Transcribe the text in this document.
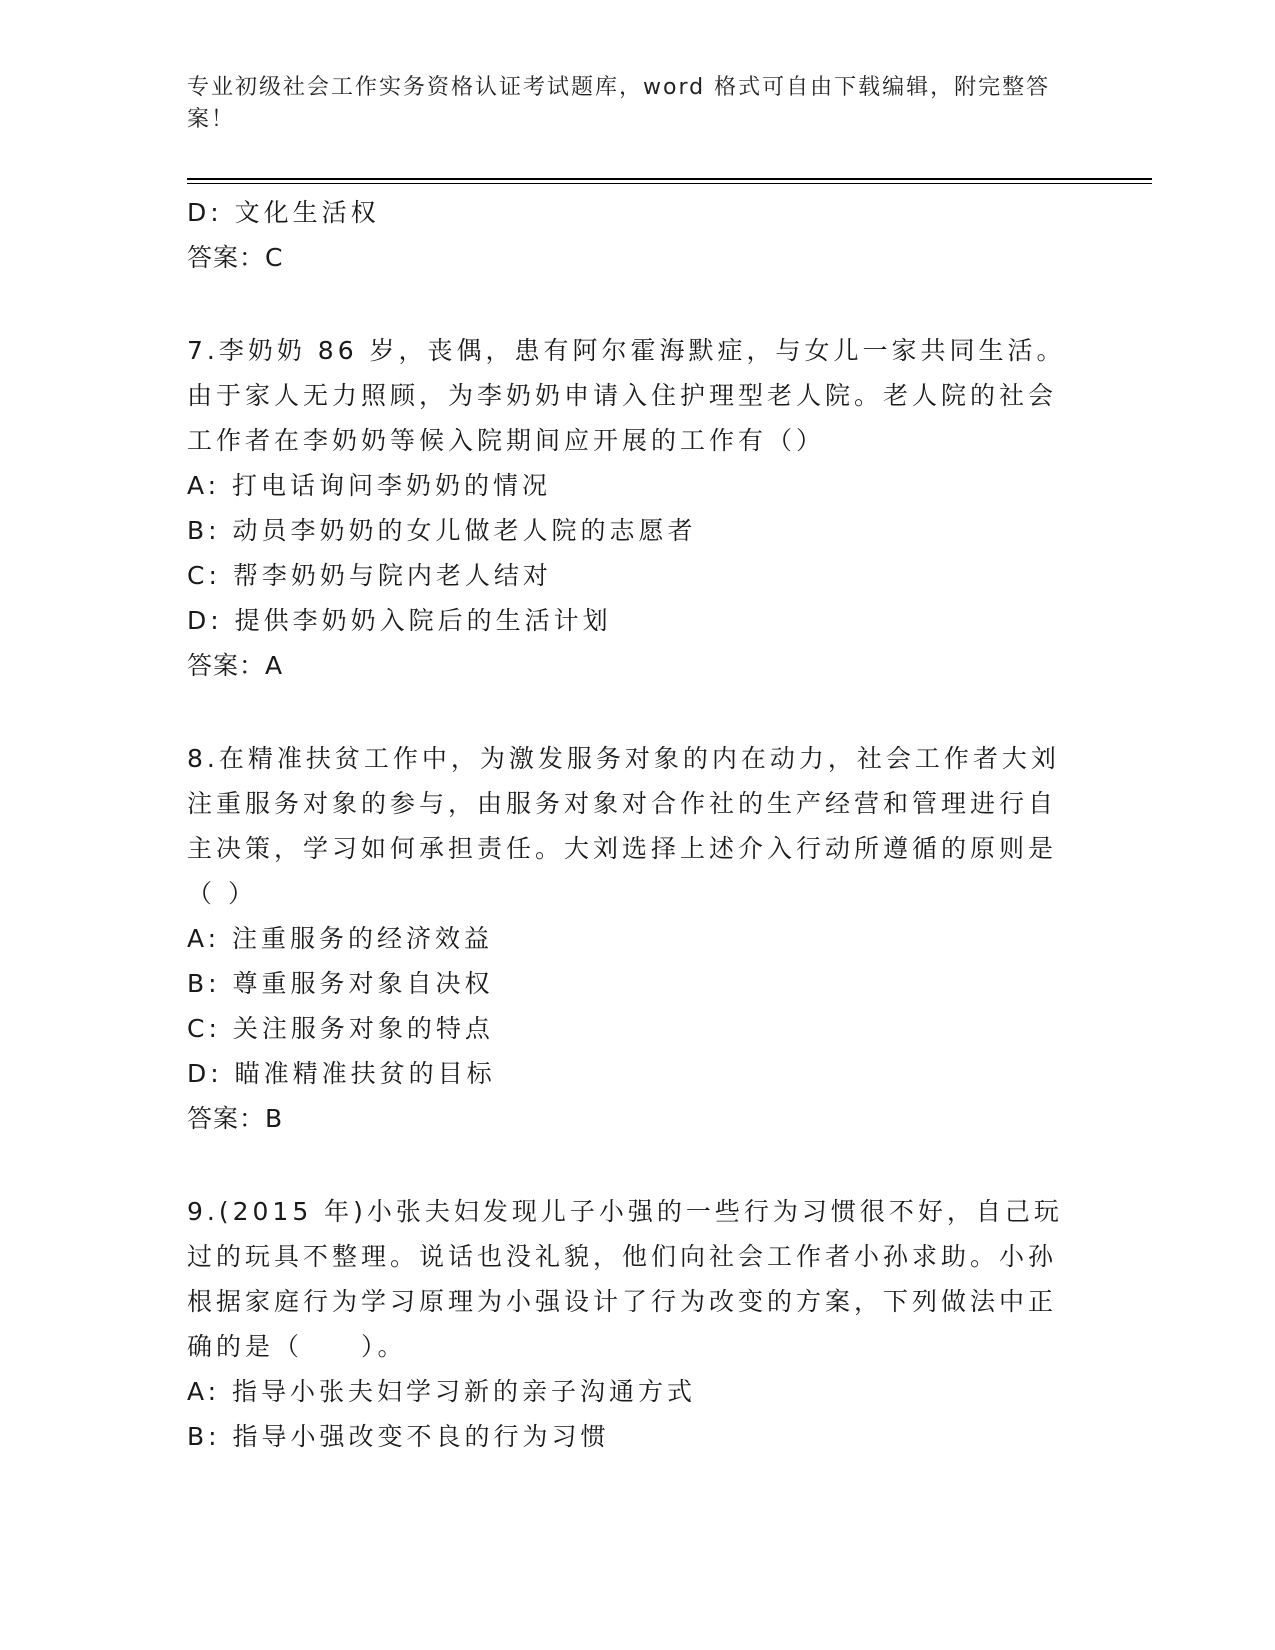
专业初级社会工作实务资格认证考试题库，word 格式可自由下载编辑，附完整答案！
D: 文化生活权
答案：C
7.李奶奶 86 岁，丧偶，患有阿尔霍海默症，与女儿一家共同生活。由于家人无力照顾，为李奶奶申请入住护理型老人院。老人院的社会工作者在李奶奶等候入院期间应开展的工作有（）
A: 打电话询问李奶奶的情况
B: 动员李奶奶的女儿做老人院的志愿者
C: 帮李奶奶与院内老人结对
D: 提供李奶奶入院后的生活计划
答案：A
8.在精准扶贫工作中，为激发服务对象的内在动力，社会工作者大刘注重服务对象的参与，由服务对象对合作社的生产经营和管理进行自主决策，学习如何承担责任。大刘选择上述介入行动所遵循的原则是（ ）
A: 注重服务的经济效益
B: 尊重服务对象自决权
C: 关注服务对象的特点
D: 瞄准精准扶贫的目标
答案：B
9.(2015 年)小张夫妇发现儿子小强的一些行为习惯很不好，自己玩过的玩具不整理。说话也没礼貌，他们向社会工作者小孙求助。小孙根据家庭行为学习原理为小强设计了行为改变的方案，下列做法中正确的是（　　）。
A: 指导小张夫妇学习新的亲子沟通方式
B: 指导小强改变不良的行为习惯
